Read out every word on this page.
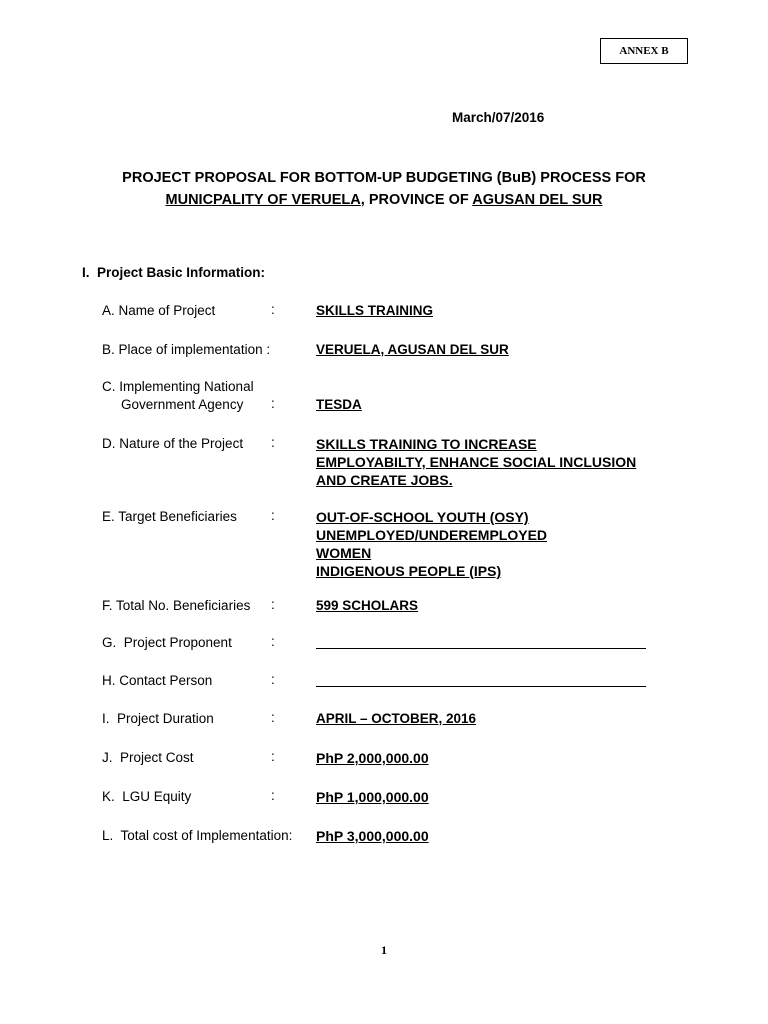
ANNEX B
March/07/2016
PROJECT PROPOSAL FOR BOTTOM-UP BUDGETING (BuB) PROCESS FOR
MUNICPALITY OF VERUELA, PROVINCE OF AGUSAN DEL SUR
I.  Project Basic Information:
A. Name of Project	:	SKILLS TRAINING
B. Place of implementation :	VERUELA, AGUSAN DEL SUR
C. Implementing National
Government Agency	:	TESDA
D. Nature of the Project :	SKILLS TRAINING TO INCREASE
EMPLOYABILTY, ENHANCE SOCIAL INCLUSION
AND CREATE JOBS.
E. Target Beneficiaries	:	OUT-OF-SCHOOL YOUTH (OSY)
UNEMPLOYED/UNDEREMPLOYED
WOMEN
INDIGENOUS PEOPLE (IPS)
F. Total No. Beneficiaries :	599 SCHOLARS
G.  Project Proponent	:
H. Contact Person	:
I.  Project Duration	:	APRIL – OCTOBER, 2016
J.  Project Cost	:	PhP 2,000,000.00
K.  LGU Equity	:	PhP 1,000,000.00
L.  Total cost of Implementation: PhP 3,000,000.00
1
